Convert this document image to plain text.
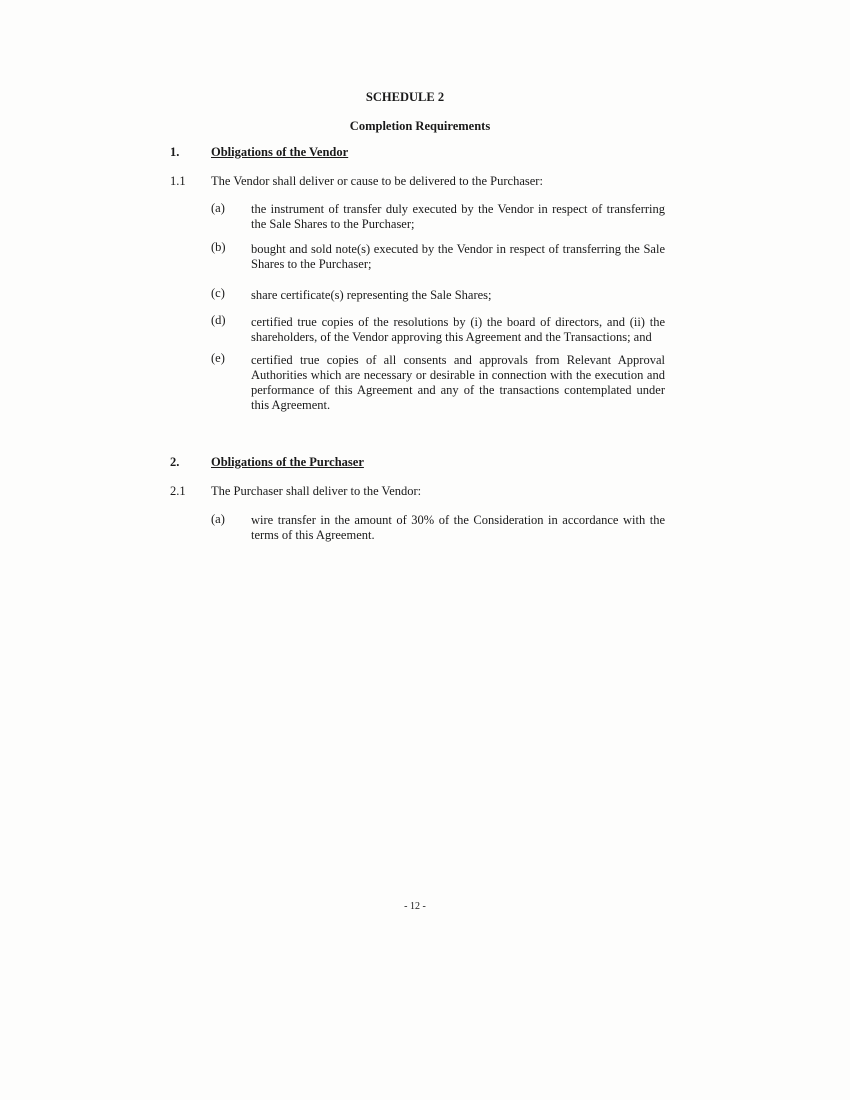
SCHEDULE 2
Completion Requirements
1.	Obligations of the Vendor
1.1 The Vendor shall deliver or cause to be delivered to the Purchaser:
(a) the instrument of transfer duly executed by the Vendor in respect of transferring the Sale Shares to the Purchaser;
(b) bought and sold note(s) executed by the Vendor in respect of transferring the Sale Shares to the Purchaser;
(c) share certificate(s) representing the Sale Shares;
(d) certified true copies of the resolutions by (i) the board of directors, and (ii) the shareholders, of the Vendor approving this Agreement and the Transactions; and
(e) certified true copies of all consents and approvals from Relevant Approval Authorities which are necessary or desirable in connection with the execution and performance of this Agreement and any of the transactions contemplated under this Agreement.
2.	Obligations of the Purchaser
2.1 The Purchaser shall deliver to the Vendor:
(a) wire transfer in the amount of 30% of the Consideration in accordance with the terms of this Agreement.
- 12 -
